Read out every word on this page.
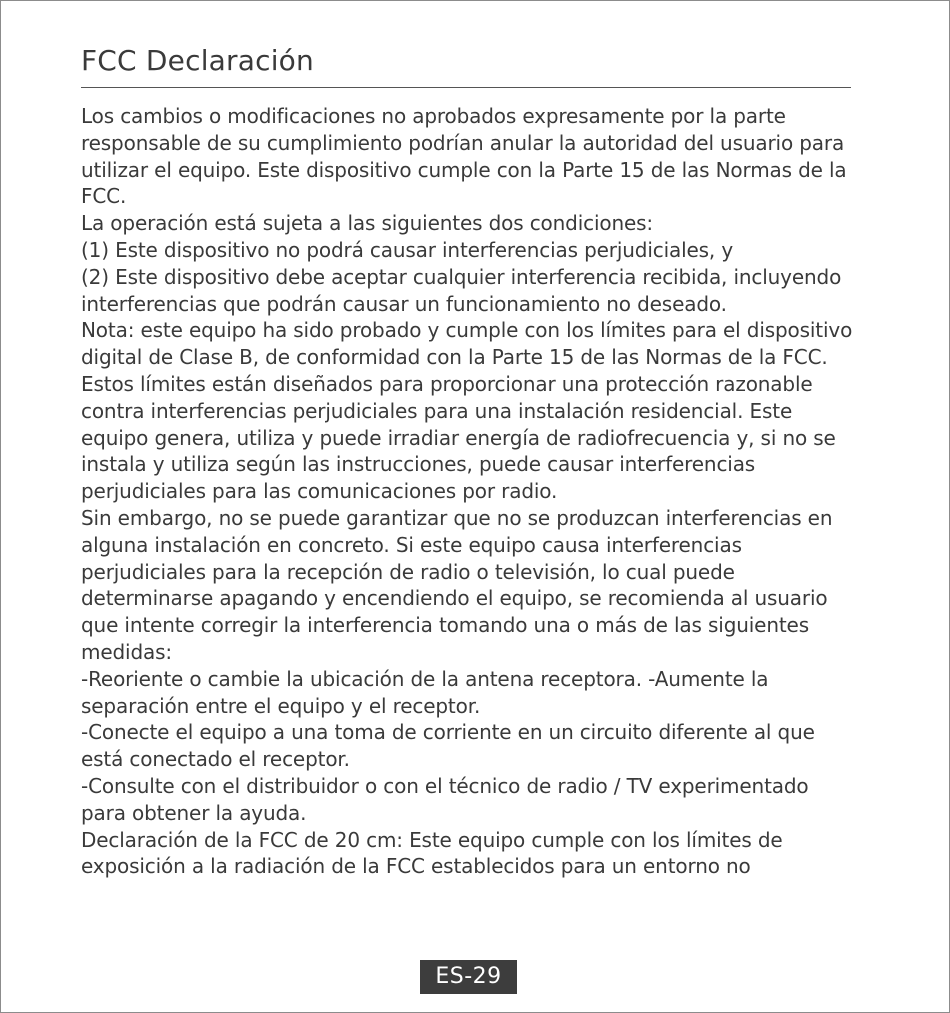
FCC Declaración

Los cambios o modificaciones no aprobados expresamente por la parte responsable de su cumplimiento podrían anular la autoridad del usuario para utilizar el equipo. Este dispositivo cumple con la Parte 15 de las Normas de la FCC.

La operación está sujeta a las siguientes dos condiciones:

(1) Este dispositivo no podrá causar interferencias perjudiciales, y

(2) Este dispositivo debe aceptar cualquier interferencia recibida, incluyendo interferencias que podrán causar un funcionamiento no deseado.

Nota: este equipo ha sido probado y cumple con los límites para el dispositivo digital de Clase B, de conformidad con la Parte 15 de las Normas de la FCC. Estos límites están diseñados para proporcionar una protección razonable contra interferencias perjudiciales para una instalación residencial. Este equipo genera, utiliza y puede irradiar energía de radiofrecuencia y, si no se instala y utiliza según las instrucciones, puede causar interferencias perjudiciales para las comunicaciones por radio.

Sin embargo, no se puede garantizar que no se produzcan interferencias en alguna instalación en concreto. Si este equipo causa interferencias perjudiciales para la recepción de radio o televisión, lo cual puede determinarse apagando y encendiendo el equipo, se recomienda al usuario que intente corregir la interferencia tomando una o más de las siguientes medidas:

-Reoriente o cambie la ubicación de la antena receptora. -Aumente la separación entre el equipo y el receptor.

-Conecte el equipo a una toma de corriente en un circuito diferente al que está conectado el receptor.

-Consulte con el distribuidor o con el técnico de radio / TV experimentado para obtener la ayuda.

Declaración de la FCC de 20 cm: Este equipo cumple con los límites de exposición a la radiación de la FCC establecidos para un entorno no

ES-29
